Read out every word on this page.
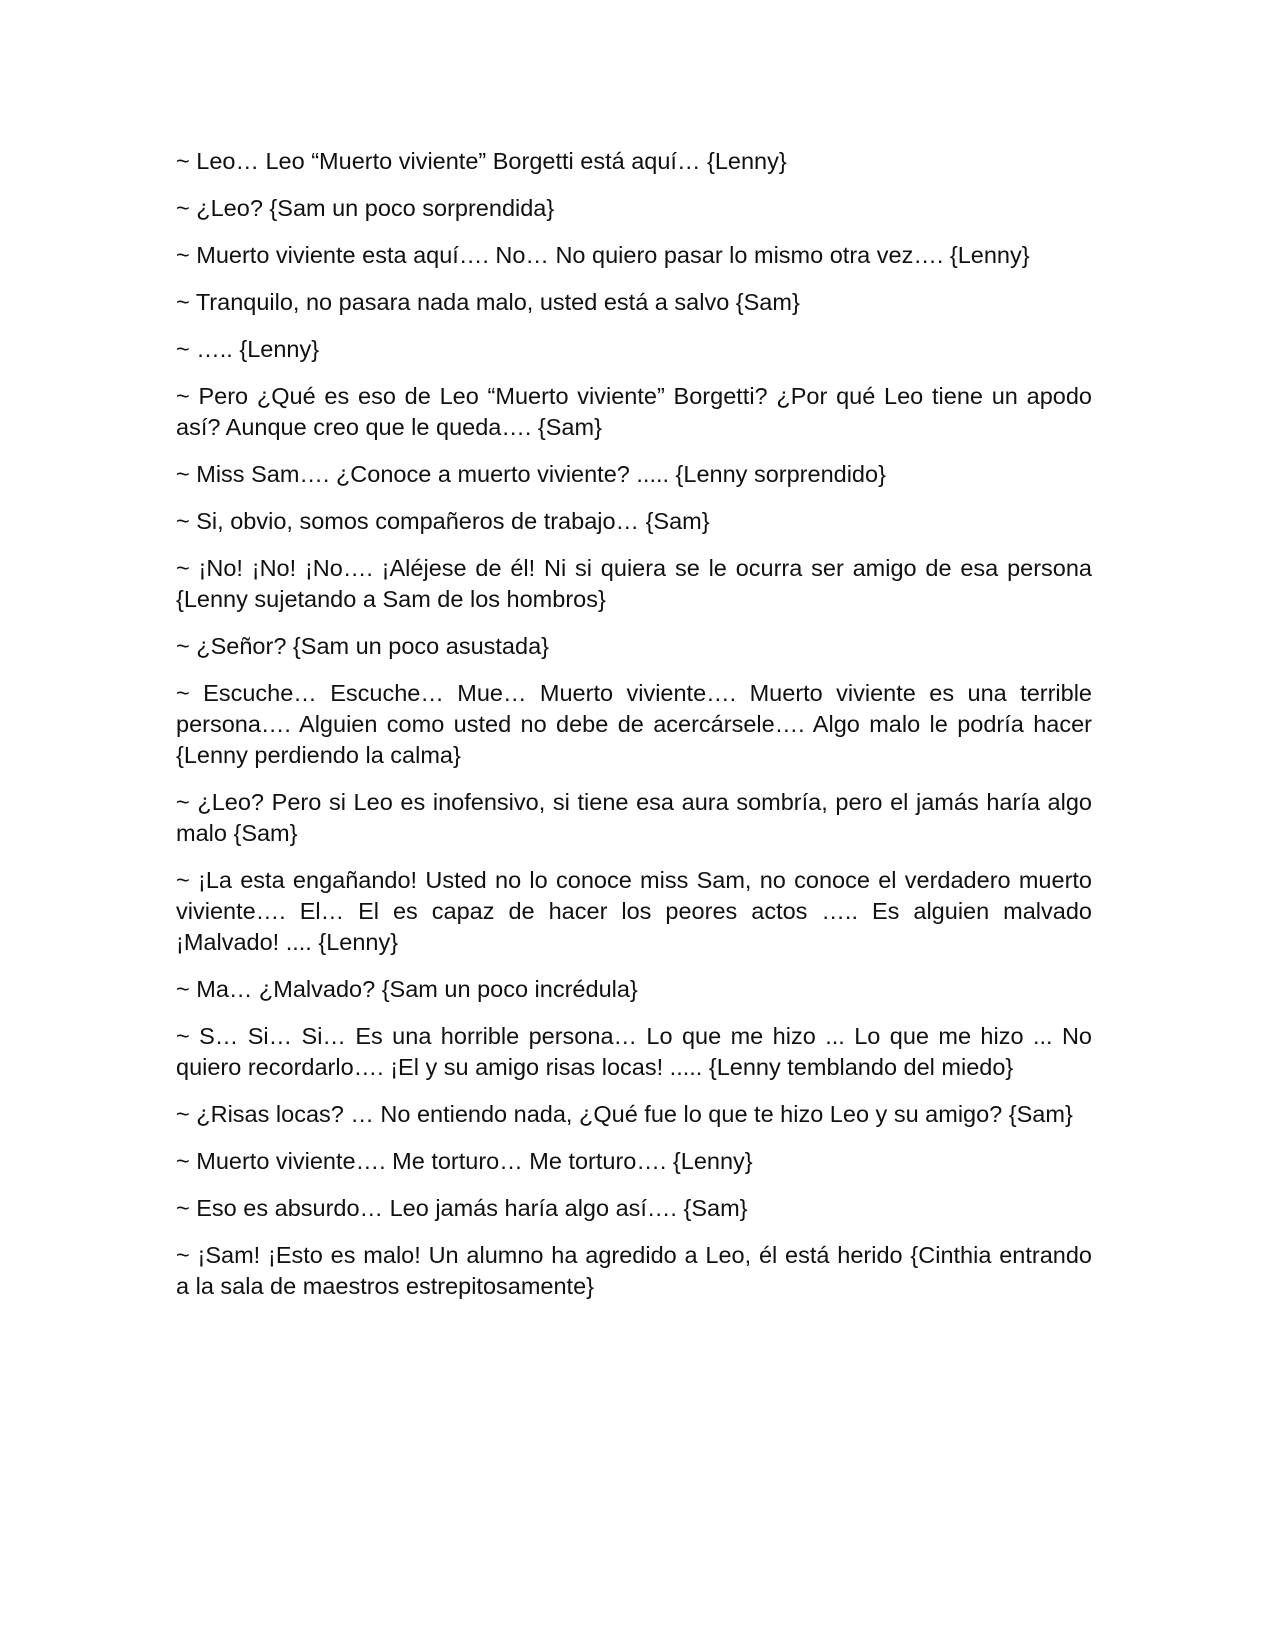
~ Leo… Leo “Muerto viviente” Borgetti está aquí… {Lenny}

~ ¿Leo? {Sam un poco sorprendida}

~ Muerto viviente esta aquí…. No… No quiero pasar lo mismo otra vez…. {Lenny}

~ Tranquilo, no pasara nada malo, usted está a salvo {Sam}

~ ….. {Lenny}

~ Pero ¿Qué es eso de Leo “Muerto viviente” Borgetti? ¿Por qué Leo tiene un apodo así? Aunque creo que le queda…. {Sam}

~ Miss Sam…. ¿Conoce a muerto viviente? ..... {Lenny sorprendido}

~ Si, obvio, somos compañeros de trabajo… {Sam}

~ ¡No! ¡No! ¡No…. ¡Aléjese de él! Ni si quiera se le ocurra ser amigo de esa persona {Lenny sujetando a Sam de los hombros}

~ ¿Señor? {Sam un poco asustada}

~ Escuche… Escuche… Mue… Muerto viviente…. Muerto viviente es una terrible persona…. Alguien como usted no debe de acercársele…. Algo malo le podría hacer {Lenny perdiendo la calma}

~ ¿Leo? Pero si Leo es inofensivo, si tiene esa aura sombría, pero el jamás haría algo malo {Sam}

~ ¡La esta engañando! Usted no lo conoce miss Sam, no conoce el verdadero muerto viviente…. El… El es capaz de hacer los peores actos ….. Es alguien malvado ¡Malvado! .... {Lenny}

~ Ma… ¿Malvado? {Sam un poco incrédula}

~ S… Si… Si… Es una horrible persona… Lo que me hizo ... Lo que me hizo ... No quiero recordarlo…. ¡El y su amigo risas locas! ..... {Lenny temblando del miedo}

~ ¿Risas locas? … No entiendo nada, ¿Qué fue lo que te hizo Leo y su amigo? {Sam}

~ Muerto viviente…. Me torturo… Me torturo…. {Lenny}

~ Eso es absurdo… Leo jamás haría algo así…. {Sam}

~ ¡Sam! ¡Esto es malo! Un alumno ha agredido a Leo, él está herido {Cinthia entrando a la sala de maestros estrepitosamente}
